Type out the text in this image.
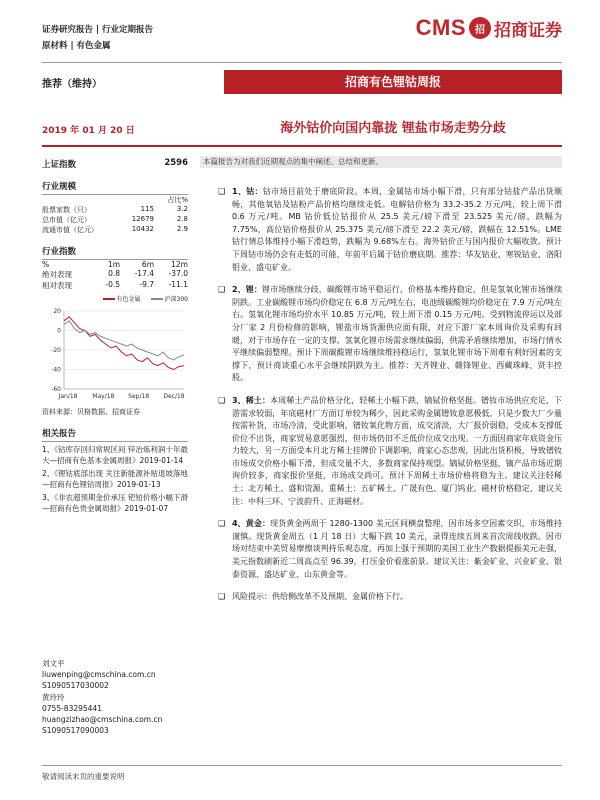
证券研究报告 | 行业定期报告
原材料 | 有色金属
CMS 招 招商证券
推荐（维持）	招商有色锂钴周报
2019 年 01 月 20 日	海外钴价向国内靠拢 锂盐市场走势分歧
上证指数	2596
行业规模
占比%
股票家数（只）	115	3.2
总市值（亿元）	12679	2.8
流通市值（亿元）	10432	2.9
行业指数
%	1m	6m	12m
绝对表现	0.8	-17.4	-37.0
相对表现	-0.5	-9.7	-11.1
有色金属	沪深300
20
0
-20
-40
-60
Jan/18 May/18 Sep/18 Dec/18
资料来源：贝格数据、招商证券
相关报告
1、《钴库存回归常规区间 锌冶炼利润十年最大—招商有色基本金属周报》2019-01-14
2、《锂钴底部出现 关注新能源补贴退坡落地—招商有色锂钴周报》2019-01-13
3、《非农超预期金价承压 钯铂价格小幅下滑—招商有色贵金属周报》2019-01-07
刘文平
liuwenping@cmschina.com.cn
S1090517030002
黄玲玲
0755-83295441
huangzizhao@cmschina.com.cn
S1090517090003
本篇报告为对我们近期观点的集中阐述、总结和更新。
❑ 1、钴：钴市场目前处于磨底阶段。本周，金属钴市场小幅下滑，只有部分钴盐产品出货顺畅，其他氧钴及钴粉产品价格均继续走低。电解钴价格为 33.2-35.2 万元/吨，较上周下滑 0.6 万元/吨。MB 钴价低位钴报价从 25.5 美元/磅下滑至 23.525 美元/磅，跌幅为 7.75%，高位钴价格报价从 25.375 美元/磅下滑至 22.2 美元/磅，跌幅在 12.51%。LME 钴行情总体维持小幅下滑趋势，跌幅为 9.68%左右。海外钴价正与国内报价大幅收敛。预计下周钴市场仍会有走低的可能，年前平后属于钴价磨底期。推荐：华友钴业、寒锐钴业、洛阳钼业、盛屯矿业。
❑ 2、锂：锂市场继续分歧，碳酸锂市场平稳运行，价格基本维持稳定，但是氢氧化锂市场继续阴跌。工业碳酸锂市场均价稳定在 6.8 万元/吨左右，电池级碳酸锂均价稳定在 7.9 万元/吨左右。氢氧化锂市场均价水平 10.85 万元/吨，较上周下滑 0.15 万元/吨。受到物流停运以及部分厂家 2 月份检修的影响，锂盐市场货源供应面有限，对应下游厂家本周询价及采购有回暖，对于市场存在一定的支撑。氢氧化锂市场需求继续偏弱，供需矛盾继续增加，市场行情水平继续偏弱整理。预计下周碳酸锂市场继续维持稳运行，氢氧化锂市场下周难有利好因素的支撑下，预计商谈重心水平会继续阴跌为主。推荐：天齐锂业、赣锋锂业、西藏珠峰、贤丰控股。
❑ 3、稀土：本周稀土产品价格分化，轻稀土小幅下跌，镝铽价格坚挺。镨钕市场供应充足，下游需求较弱，年底磁材厂方面订单较为稀少，因此采购金属镨钕意愿极低，只是少数大厂少量按需补货，市场冷清，受此影响，镨钕氧化物方面，成交清淡，大厂报价弱稳，受成本支撑低价位不出货，商家贸易意愿强烈，但市场仍旧不乏低价位成交出现。一方面因商家年底资金压力较大，另一方面受本月北方稀土挂牌价下调影响，商家心态悲观，因此出货积极，导致镨钕市场成交价格小幅下滑，但成交量不大，多数商家保持观望。镝铽价格坚挺，镝产品市场近期询价较多，商家报价坚挺，市场成交尚可。预计下周稀土市场价格将稳为主。建议关注轻稀土：北方稀土、盛和资源。重稀土：五矿稀土、广晟有色、厦门钨业。磁材价格稳定，建议关注：中科三环、宁波韵升、正海磁材。
❑ 4、黄金：现货黄金两周于 1280-1300 美元区间横盘整理，因市场多空因素交织，市场维持谨慎。现货黄金周五（1 月 18 日）大幅下跌 10 美元，录得连续五周来首次周线收跌。因市场对结束中美贸易摩擦谈判持乐观态度，再加上强于预期的美国工业生产数据提振美元走强，美元指数刷新近二周高点至 96.39，打压金价看涨前景。建议关注：紫金矿业、兴业矿业、银泰资源、盛达矿业、山东黄金等。
❑ 风险提示：供给侧改革不及预期、金属价格下行。
敬请阅读末页的重要说明
